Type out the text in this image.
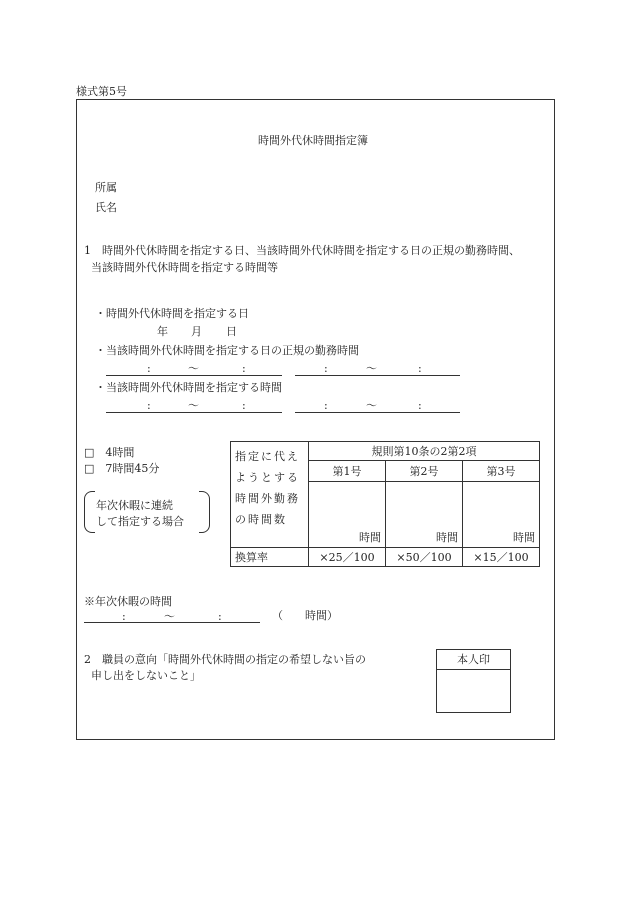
様式第5号
時間外代休時間指定簿
所属
氏名
1　時間外代休時間を指定する日、当該時間外代休時間を指定する日の正規の勤務時間、
当該時間外代休時間を指定する時間等
・時間外代休時間を指定する日
年 月 日
・当該時間外代休時間を指定する日の正規の勤務時間
:	〜	:	:	〜	:
・当該時間外代休時間を指定する時間
:	〜	:	:	〜	:
□　4時間
□　7時間45分
年次休暇に連続
して指定する場合
指定に代え
ようとする
時間外勤務
の時間数	規則第10条の2第2項		
	第1号	第2号	第3号
	時間	時間	時間
換算率	×25／100	×50／100	×15／100
※年次休暇の時間
:	〜	:	（　　時間）
2　職員の意向「時間外代休時間の指定の希望しない旨の
申し出をしないこと」
本人印
